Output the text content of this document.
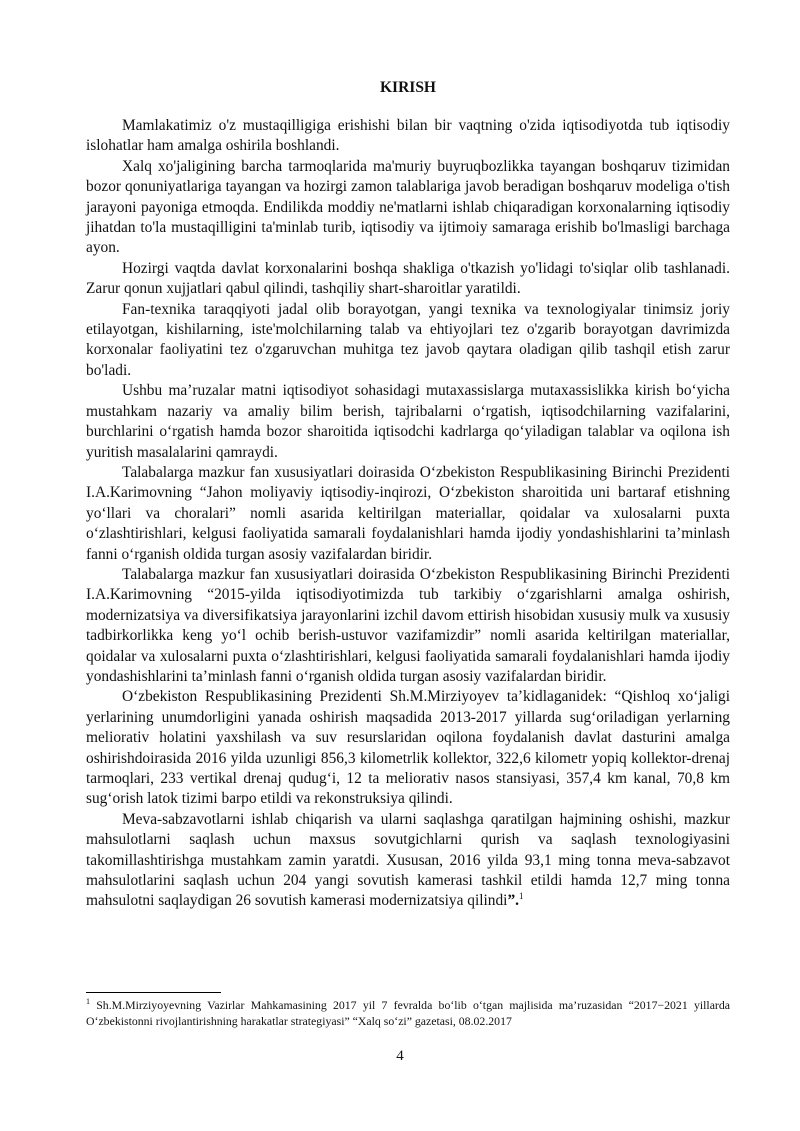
KIRISH

Mamlakatimiz o'z mustaqilligiga erishishi bilan bir vaqtning o'zida iqtisodiyotda tub iqtisodiy islohatlar ham amalga oshirila boshlandi.

Xalq xo'jaligining barcha tarmoqlarida ma'muriy buyruqbozlikka tayangan boshqaruv tizimidan bozor qonuniyatlariga tayangan va hozirgi zamon talablariga javob beradigan boshqaruv modeliga o'tish jarayoni payoniga etmoqda. Endilikda moddiy ne'matlarni ishlab chiqaradigan korxonalarning iqtisodiy jihatdan to'la mustaqilligini ta'minlab turib, iqtisodiy va ijtimoiy samaraga erishib bo'lmasligi barchaga ayon.

Hozirgi vaqtda davlat korxonalarini boshqa shakliga o'tkazish yo'lidagi to'siqlar olib tashlanadi. Zarur qonun xujjatlari qabul qilindi, tashqiliy shart-sharoitlar yaratildi.

Fan-texnika taraqqiyoti jadal olib borayotgan, yangi texnika va texnologiyalar tinimsiz joriy etilayotgan, kishilarning, iste'molchilarning talab va ehtiyojlari tez o'zgarib borayotgan davrimizda korxonalar faoliyatini tez o'zgaruvchan muhitga tez javob qaytara oladigan qilib tashqil etish zarur bo'ladi.

Ushbu ma’ruzalar matni iqtisodiyot sohasidagi mutaxassislarga mutaxassislikka kirish bo‘yicha mustahkam nazariy va amaliy bilim berish, tajribalarni o‘rgatish, iqtisodchilarning vazifalarini, burchlarini o‘rgatish hamda bozor sharoitida iqtisodchi kadrlarga qo‘yiladigan talablar va oqilona ish yuritish masalalarini qamraydi.

Talabalarga mazkur fan xususiyatlari doirasida O‘zbekiston Respublikasining Birinchi Prezidenti I.A.Karimovning “Jahon moliyaviy iqtisodiy-inqirozi, O‘zbekiston sharoitida uni bartaraf etishning yo‘llari va choralari” nomli asarida keltirilgan materiallar, qoidalar va xulosalarni puxta o‘zlashtirishlari, kelgusi faoliyatida samarali foydalanishlari hamda ijodiy yondashishlarini ta’minlash fanni o‘rganish oldida turgan asosiy vazifalardan biridir.

Talabalarga mazkur fan xususiyatlari doirasida O‘zbekiston Respublikasining Birinchi Prezidenti I.A.Karimovning “2015-yilda iqtisodiyotimizda tub tarkibiy o‘zgarishlarni amalga oshirish, modernizatsiya va diversifikatsiya jarayonlarini izchil davom ettirish hisobidan xususiy mulk va xususiy tadbirkorlikka keng yo‘l ochib berish-ustuvor vazifamizdir” nomli asarida keltirilgan materiallar, qoidalar va xulosalarni puxta o‘zlashtirishlari, kelgusi faoliyatida samarali foydalanishlari hamda ijodiy yondashishlarini ta’minlash fanni o‘rganish oldida turgan asosiy vazifalardan biridir.

O‘zbekiston Respublikasining Prezidenti Sh.M.Mirziyoyev ta’kidlaganidek: “Qishloq xo‘jaligi yerlarining unumdorligini yanada oshirish maqsadida 2013-2017 yillarda sug‘oriladigan yerlarning meliorativ holatini yaxshilash va suv resurslaridan oqilona foydalanish davlat dasturini amalga oshirishdoirasida 2016 yilda uzunligi 856,3 kilometrlik kollektor, 322,6 kilometr yopiq kollektor-drenaj tarmoqlari, 233 vertikal drenaj qudug‘i, 12 ta meliorativ nasos stansiyasi, 357,4 km kanal, 70,8 km sug‘orish latok tizimi barpo etildi va rekonstruksiya qilindi.

Meva-sabzavotlarni ishlab chiqarish va ularni saqlashga qaratilgan hajmining oshishi, mazkur mahsulotlarni saqlash uchun maxsus sovutgichlarni qurish va saqlash texnologiyasini takomillashtirishga mustahkam zamin yaratdi. Xususan, 2016 yilda 93,1 ming tonna meva-sabzavot mahsulotlarini saqlash uchun 204 yangi sovutish kamerasi tashkil etildi hamda 12,7 ming tonna mahsulotni saqlaydigan 26 sovutish kamerasi modernizatsiya qilindi”.$^1$

$^1$ Sh.M.Mirziyoyevning Vazirlar Mahkamasining 2017 yil 7 fevralda bo‘lib o‘tgan majlisida ma’ruzasidan “2017−2021 yillarda O‘zbekistonni rivojlantirishning harakatlar strategiyasi” “Xalq so‘zi” gazetasi, 08.02.2017
4
